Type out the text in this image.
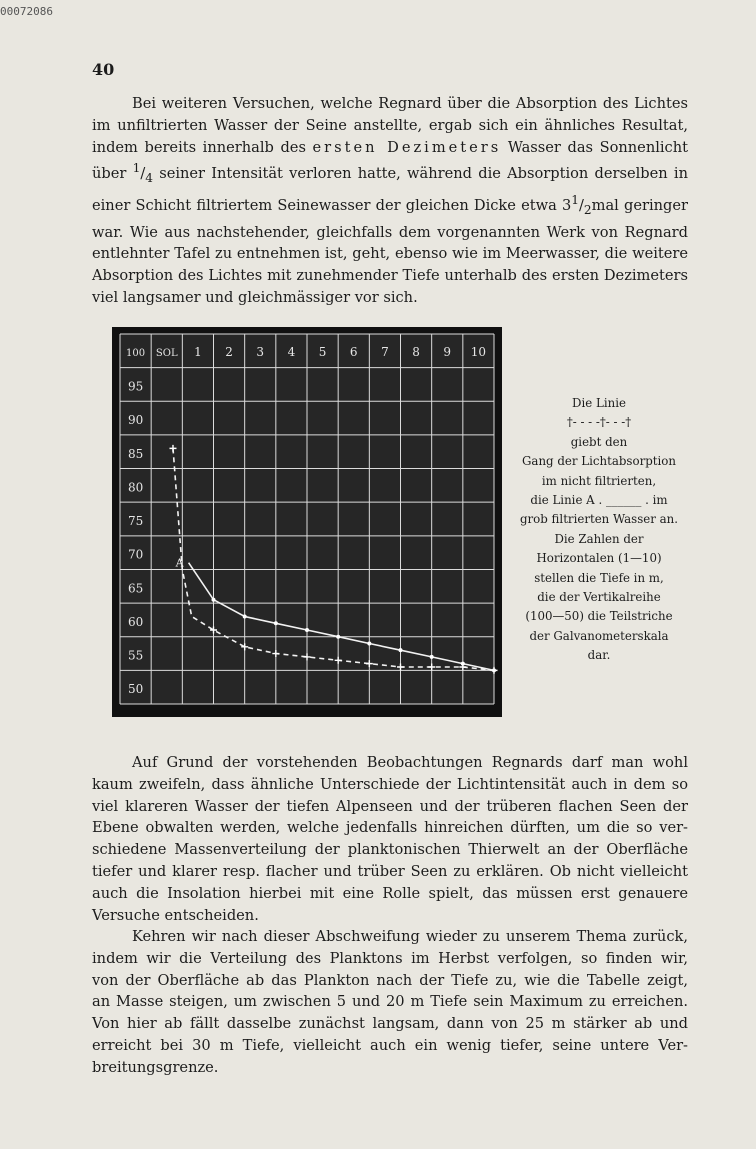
00072086
40

Bei weiteren Versuchen, welche Regnard über die Absorption des Lichtes
im unfiltrierten Wasser der Seine anstellte, ergab sich ein ähnliches Resultat,
indem bereits innerhalb des ersten Dezimeters Wasser das Sonnenlicht
über $^1/_4$ seiner Intensität verloren hatte, während die Absorption derselben in
einer Schicht filtriertem Seinewasser der gleichen Dicke etwa $3^1/_2mal$ geringer
war. Wie aus nachstehender, gleichfalls dem vorgenannten Werk von Regnard
entlehnter Tafel zu entnehmen ist, geht, ebenso wie im Meerwasser, die weitere
Absorption des Lichtes mit zunehmender Tiefe unterhalb des ersten Dezimeters
viel langsamer und gleichmässiger vor sich.

100 SOL 1 2 3 4 5 6 7 8 9 10
95
90
85
80
75
70
65
60
55
50
A
Die Linie
†- - - -†- - -†
giebt den
Gang der Lichtabsorption
im nicht filtrierten,
die Linie A . ______ . im
grob filtrierten Wasser an.
Die Zahlen der
Horizontalen (1—10)
stellen die Tiefe in m,
die der Vertikalreihe
(100—50) die Teilstriche
der Galvanometerskala
dar.

Auf Grund der vorstehenden Beobachtungen Regnards darf man wohl
kaum zweifeln, dass ähnliche Unterschiede der Lichtintensität auch in dem so
viel klareren Wasser der tiefen Alpenseen und der trüberen flachen Seen der
Ebene obwalten werden, welche jedenfalls hinreichen dürften, um die so ver-
schiedene Massenverteilung der planktonischen Thierwelt an der Oberfläche
tiefer und klarer resp. flacher und trüber Seen zu erklären. Ob nicht vielleicht
auch die Insolation hierbei mit eine Rolle spielt, das müssen erst genauere
Versuche entscheiden.

Kehren wir nach dieser Abschweifung wieder zu unserem Thema zurück,
indem wir die Verteilung des Planktons im Herbst verfolgen, so finden wir,
von der Oberfläche ab das Plankton nach der Tiefe zu, wie die Tabelle zeigt,
an Masse steigen, um zwischen 5 und 20 m Tiefe sein Maximum zu erreichen.
Von hier ab fällt dasselbe zunächst langsam, dann von 25 m stärker ab und
erreicht bei 30 m Tiefe, vielleicht auch ein wenig tiefer, seine untere Ver-
breitungsgrenze.
